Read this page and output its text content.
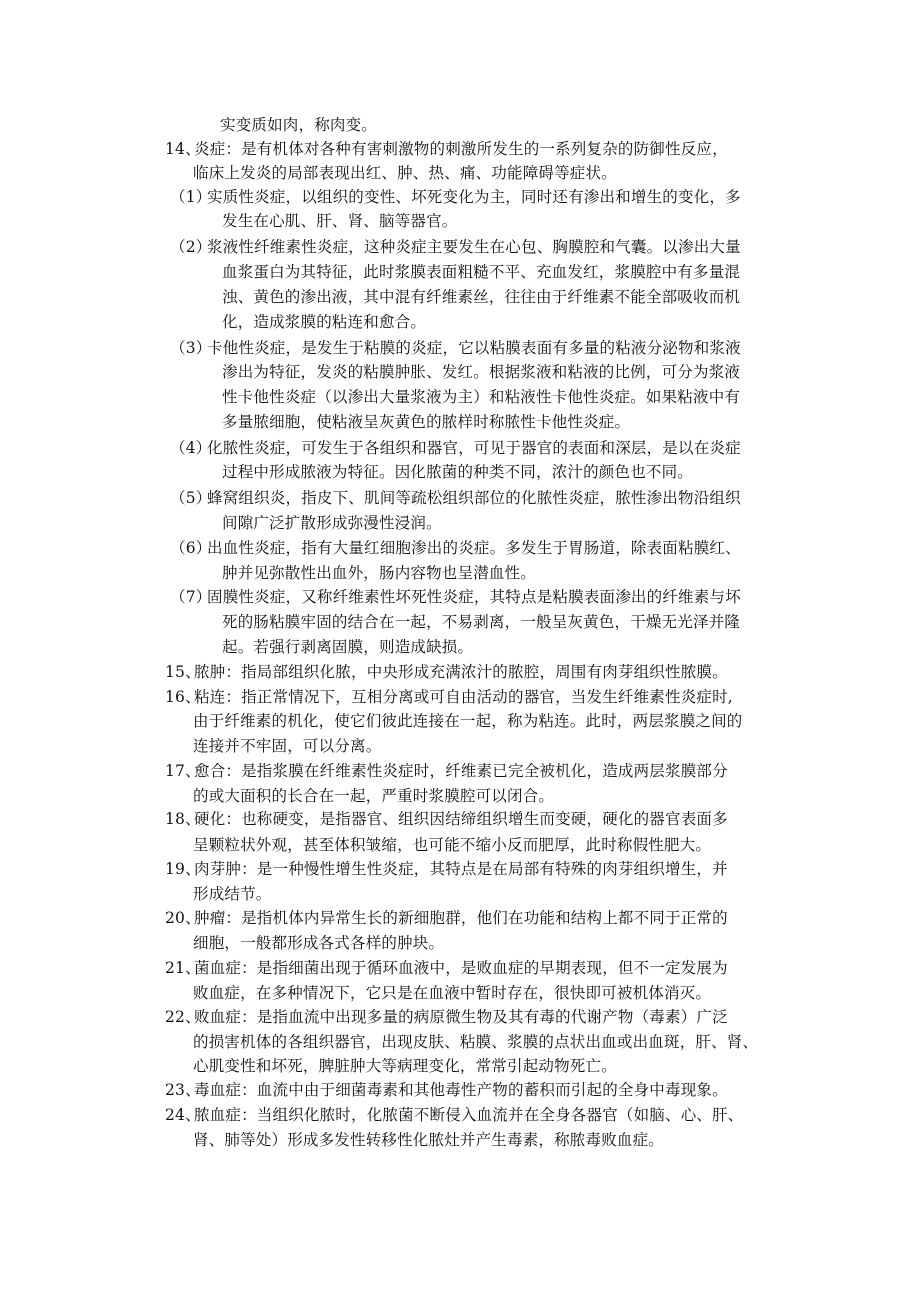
实变质如肉，称肉变。
14、
炎症：是有机体对各种有害刺激物的刺激所发生的一系列复杂的防御性反应，
临床上发炎的局部表现出红、肿、热、痛、功能障碍等症状。
（1）
实质性炎症，以组织的变性、坏死变化为主，同时还有渗出和增生的变化，多
发生在心肌、肝、肾、脑等器官。
（2）
浆液性纤维素性炎症，这种炎症主要发生在心包、胸膜腔和气囊。以渗出大量
血浆蛋白为其特征，此时浆膜表面粗糙不平、充血发红，浆膜腔中有多量混
浊、黄色的渗出液，其中混有纤维素丝，往往由于纤维素不能全部吸收而机
化，造成浆膜的粘连和愈合。
（3）
卡他性炎症，是发生于粘膜的炎症，它以粘膜表面有多量的粘液分泌物和浆液
渗出为特征，发炎的粘膜肿胀、发红。根据浆液和粘液的比例，可分为浆液
性卡他性炎症（以渗出大量浆液为主）和粘液性卡他性炎症。如果粘液中有
多量脓细胞，使粘液呈灰黄色的脓样时称脓性卡他性炎症。
（4）
化脓性炎症，可发生于各组织和器官，可见于器官的表面和深层，是以在炎症
过程中形成脓液为特征。因化脓菌的种类不同，浓汁的颜色也不同。
（5）
蜂窝组织炎，指皮下、肌间等疏松组织部位的化脓性炎症，脓性渗出物沿组织
间隙广泛扩散形成弥漫性浸润。
（6）
出血性炎症，指有大量红细胞渗出的炎症。多发生于胃肠道，除表面粘膜红、
肿并见弥散性出血外，肠内容物也呈潜血性。
（7）
固膜性炎症，又称纤维素性坏死性炎症，其特点是粘膜表面渗出的纤维素与坏
死的肠粘膜牢固的结合在一起，不易剥离，一般呈灰黄色，干燥无光泽并隆
起。若强行剥离固膜，则造成缺损。
15、
脓肿：指局部组织化脓，中央形成充满浓汁的脓腔，周围有肉芽组织性脓膜。
16、
粘连：指正常情况下，互相分离或可自由活动的器官，当发生纤维素性炎症时,
由于纤维素的机化，使它们彼此连接在一起，称为粘连。此时，两层浆膜之间的
连接并不牢固，可以分离。
17、
愈合：是指浆膜在纤维素性炎症时，纤维素已完全被机化，造成两层浆膜部分
的或大面积的长合在一起，严重时浆膜腔可以闭合。
18、
硬化：也称硬变，是指器官、组织因结缔组织增生而变硬，硬化的器官表面多
呈颗粒状外观，甚至体积皱缩，也可能不缩小反而肥厚，此时称假性肥大。
19、
肉芽肿：是一种慢性增生性炎症，其特点是在局部有特殊的肉芽组织增生，并
形成结节。
20、
肿瘤：是指机体内异常生长的新细胞群，他们在功能和结构上都不同于正常的
细胞，一般都形成各式各样的肿块。
21、
菌血症：是指细菌出现于循环血液中，是败血症的早期表现，但不一定发展为
败血症，在多种情况下，它只是在血液中暂时存在，很快即可被机体消灭。
22、
败血症：是指血流中出现多量的病原微生物及其有毒的代谢产物（毒素）广泛
的损害机体的各组织器官，出现皮肤、粘膜、浆膜的点状出血或出血斑，肝、肾、
心肌变性和坏死，脾脏肿大等病理变化，常常引起动物死亡。
23、
毒血症：血流中由于细菌毒素和其他毒性产物的蓄积而引起的全身中毒现象。
24、
脓血症：当组织化脓时，化脓菌不断侵入血流并在全身各器官（如脑、心、肝、
肾、肺等处）形成多发性转移性化脓灶并产生毒素，称脓毒败血症。
